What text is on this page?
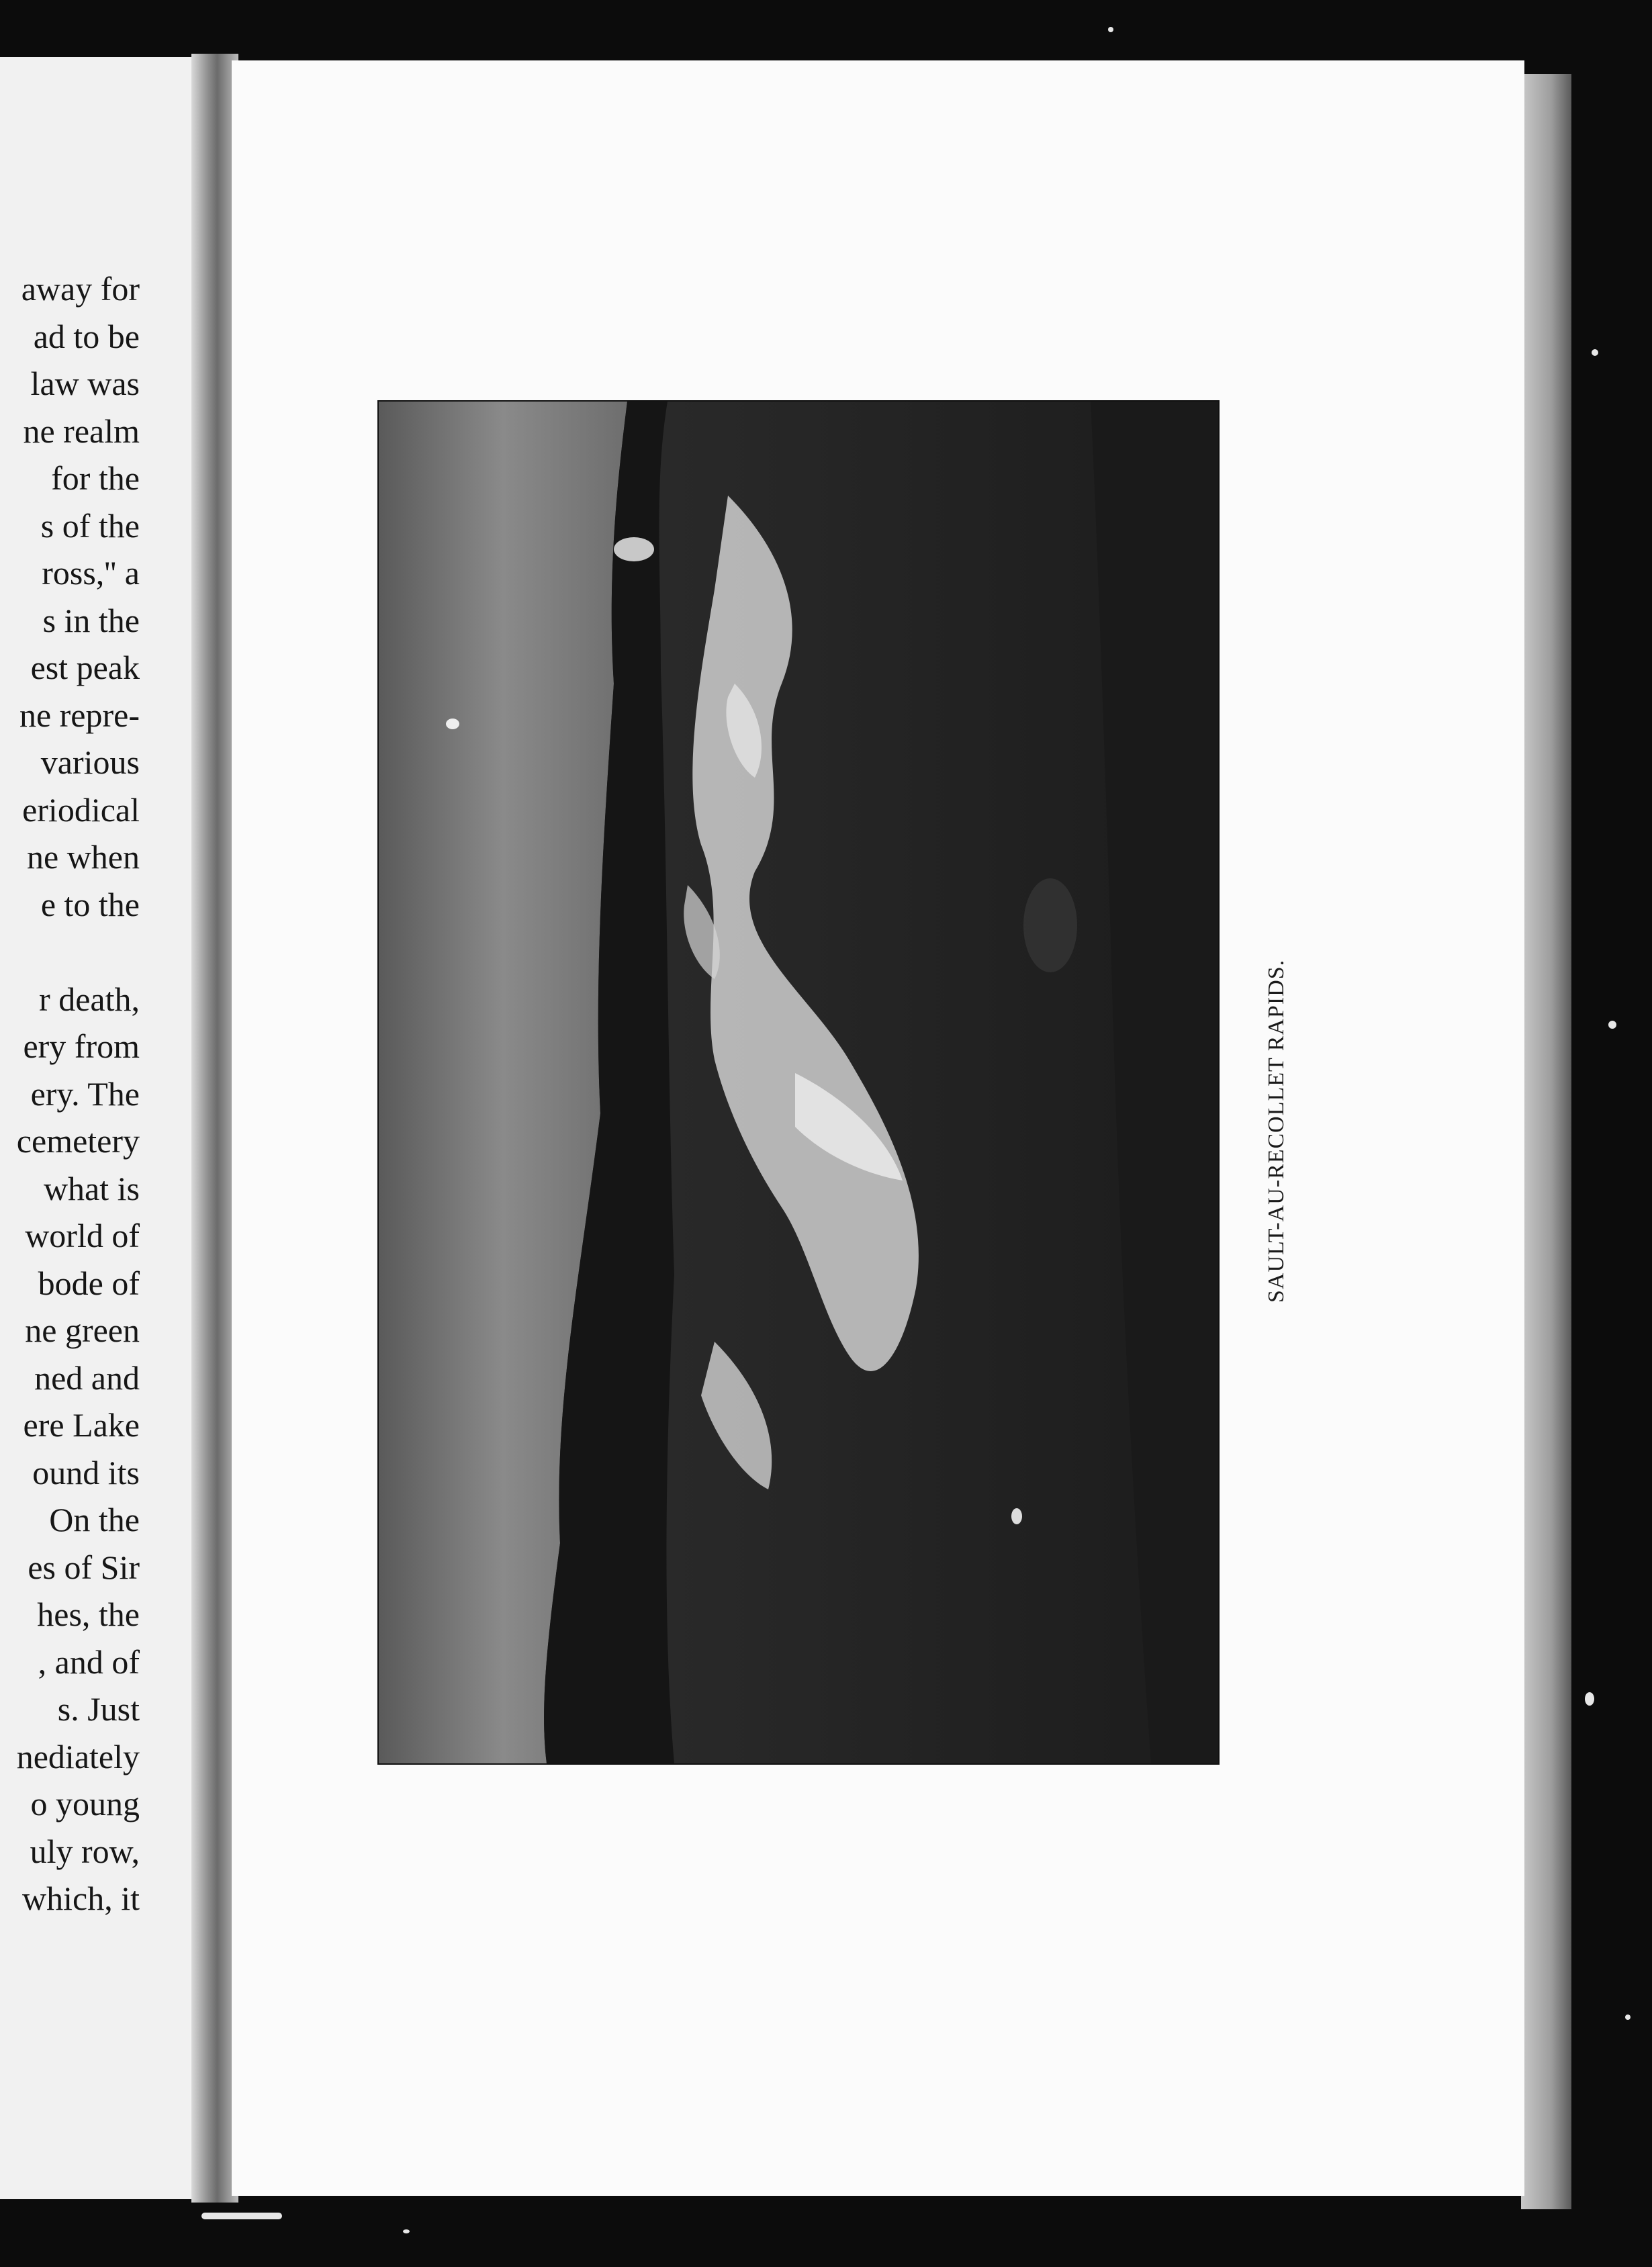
away for
ad to be
law was
ne realm
for the
s of the
ross,'' a
s in the
est peak
ne repre-
various
eriodical
ne when
e to the
r death,
ery from
ery. The
cemetery
what is
world of
bode of
ne green
ned and
ere Lake
ound its
On the
es of Sir
hes, the
, and of
s. Just
nediately
o young
uly row,
which, it
SAULT-AU-RECOLLET RAPIDS.
